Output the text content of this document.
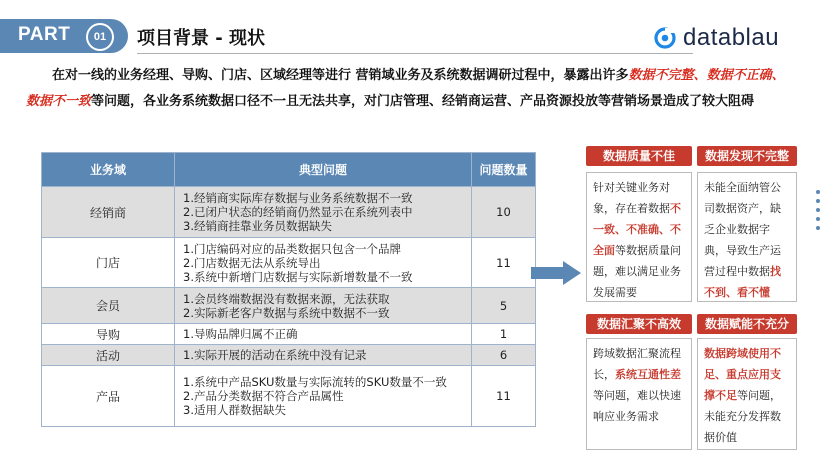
PART	01	项目背景 - 现状	datablau
在对一线的业务经理、导购、门店、区域经理等进行 营销域业务及系统数据调研过程中，暴露出许多数据不完整、数据不正确、数据不一致等问题，各业务系统数据口径不一且无法共享，对门店管理、经销商运营、产品资源投放等营销场景造成了较大阻碍
业务域	典型问题	问题数量
经销商	1.经销商实际库存数据与业务系统数据不一致
2.已闭户状态的经销商仍然显示在系统列表中
3.经销商挂靠业务员数据缺失	10
门店	1.门店编码对应的品类数据只包含一个品牌
2.门店数据无法从系统导出
3.系统中新增门店数据与实际新增数量不一致	11
会员	1.会员终端数据没有数据来源，无法获取
2.实际新老客户数据与系统中数据不一致	5
导购	1.导购品牌归属不正确	1
活动	1.实际开展的活动在系统中没有记录	6
产品	1.系统中产品SKU数量与实际流转的SKU数量不一致
2.产品分类数据不符合产品属性
3.适用人群数据缺失	11
数据质量不佳
针对关键业务对象，存在着数据不一致、不准确、不全面等数据质量问题，难以满足业务发展需要
数据发现不完整
未能全面纳管公司数据资产，缺乏企业数据字典，导致生产运营过程中数据找不到、看不懂
数据汇聚不高效
跨域数据汇聚流程长，系统互通性差等问题，难以快速响应业务需求
数据赋能不充分
数据跨域使用不足、重点应用支撑不足等问题，未能充分发挥数据价值
